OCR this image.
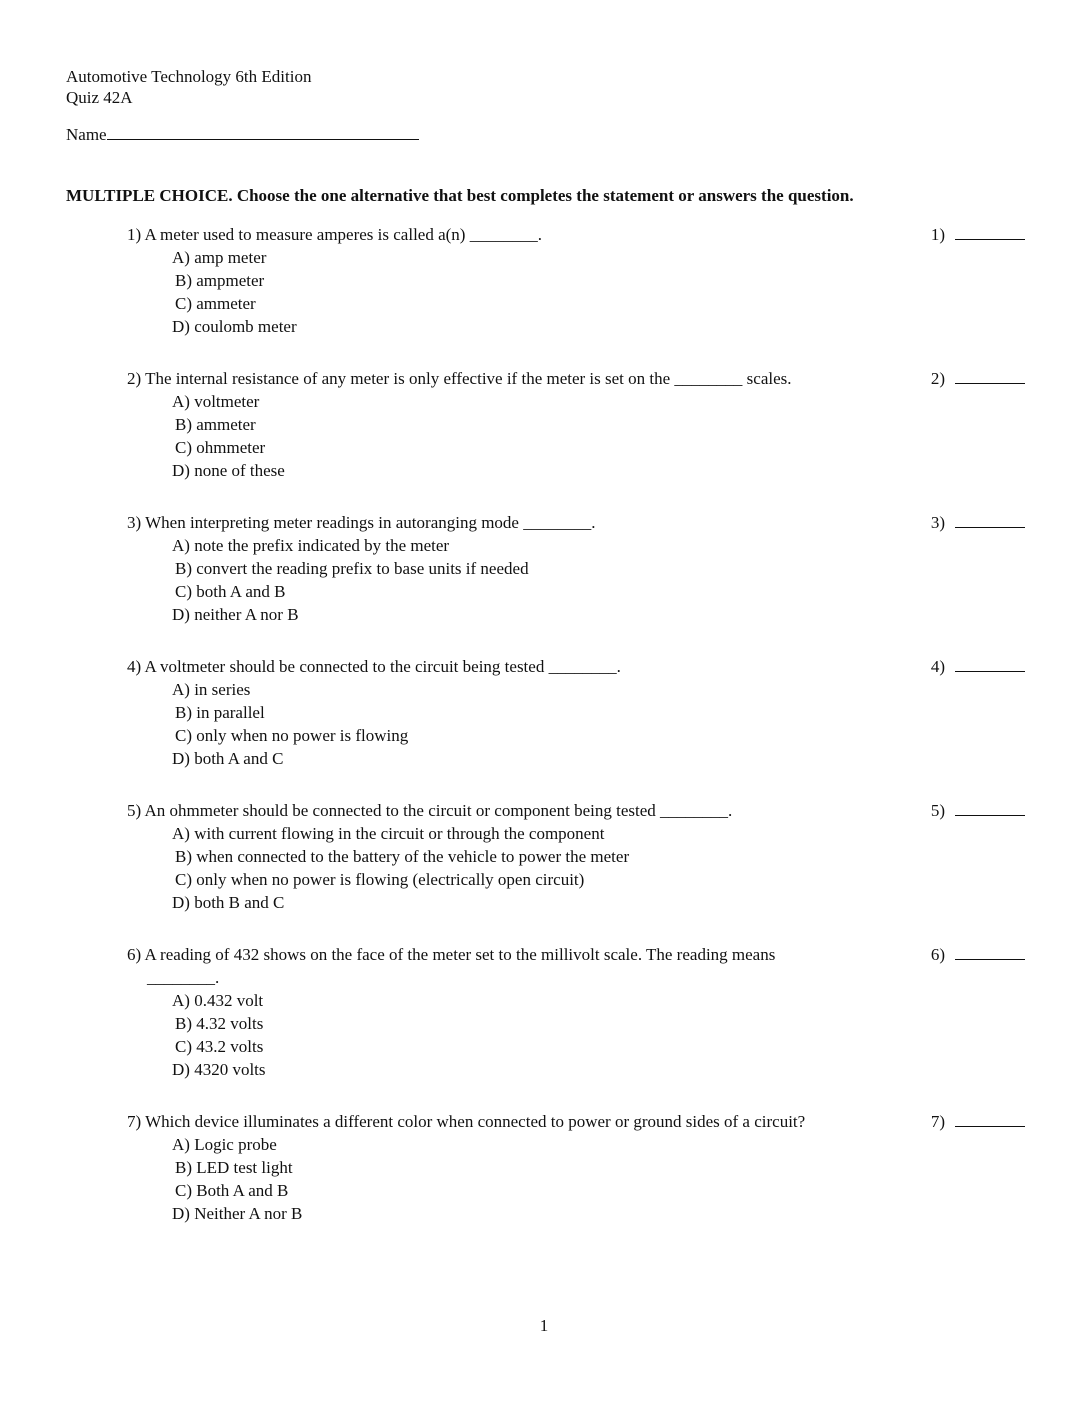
Automotive Technology 6th Edition
Quiz 42A
Name
MULTIPLE CHOICE. Choose the one alternative that best completes the statement or answers the question.
1) A meter used to measure amperes is called a(n) ________.	1)
A) amp meter
B) ampmeter
C) ammeter
D) coulomb meter
2) The internal resistance of any meter is only effective if the meter is set on the ________ scales.	2)
A) voltmeter
B) ammeter
C) ohmmeter
D) none of these
3) When interpreting meter readings in autoranging mode ________.	3)
A) note the prefix indicated by the meter
B) convert the reading prefix to base units if needed
C) both A and B
D) neither A nor B
4) A voltmeter should be connected to the circuit being tested ________.	4)
A) in series
B) in parallel
C) only when no power is flowing
D) both A and C
5) An ohmmeter should be connected to the circuit or component being tested ________.	5)
A) with current flowing in the circuit or through the component
B) when connected to the battery of the vehicle to power the meter
C) only when no power is flowing (electrically open circuit)
D) both B and C
6) A reading of 432 shows on the face of the meter set to the millivolt scale. The reading means
________.
6)
A) 0.432 volt
B) 4.32 volts
C) 43.2 volts
D) 4320 volts
7) Which device illuminates a different color when connected to power or ground sides of a circuit?	7)
A) Logic probe
B) LED test light
C) Both A and B
D) Neither A nor B
1
